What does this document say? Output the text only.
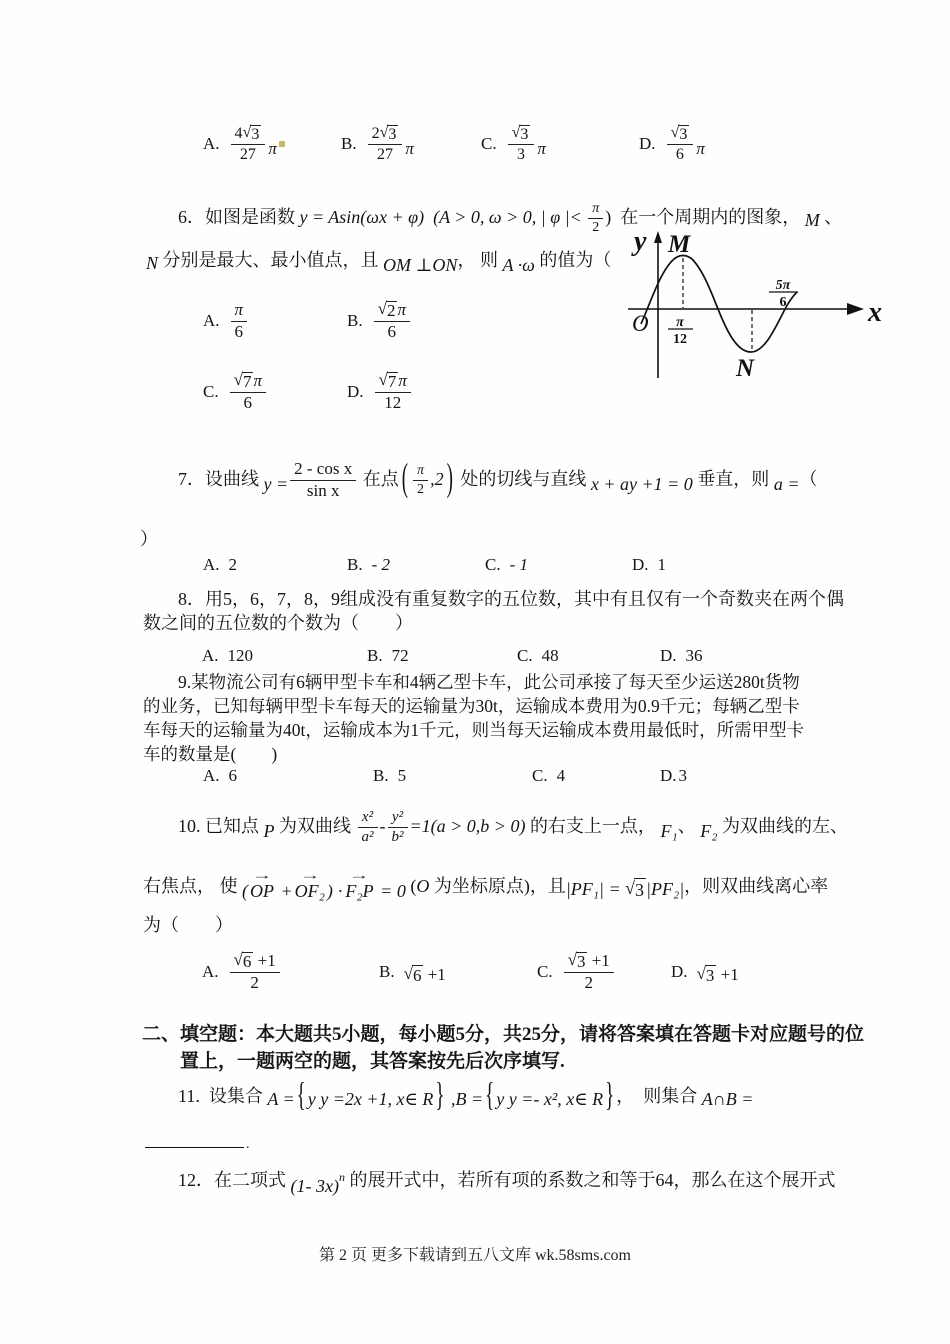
A. $\frac{4 √ 3}{27}$ π	B. $\frac{2 √ 3}{27}$ π	C. √ $\frac{3}{3}$ π	D. √ $\frac{3}{6}$ π
6．如图是函数 y = Asin(ωx + φ)  (A > 0, ω > 0, | φ |< $\frac{\pi}{2}$ )  在一个周期内的图象， M 、
N 分别是最大、最小值点，且 OM ⊥ON ， 则 A ·ω 的值为（
M
N
O
y
x
π
12
5π
6
A. $\frac{\pi}{6}$	B. √ $\frac{2 \pi}{6}$
C. √ $\frac{7 \pi}{6}$	D. √ $\frac{7 \pi}{12}$
7．设曲线 $y = \frac{\text{2 - cos x}}{\text{sin x}}$ 在点 ( $\frac{\pi}{2} ,2$ ) 处的切线与直线 x + ay +1 = 0 垂直，则 a = （
）
A. 2	B. - 2	C. - 1	D. 1
8．用5，6，7，8，9组成没有重复数字的五位数，其中有且仅有一个奇数夹在两个偶
数之间的五位数的个数为（　　）
A. 120	B. 72	C. 48	D. 36
9.某物流公司有6辆甲型卡车和4辆乙型卡车，此公司承接了每天至少运送280t货物
的业务，已知每辆甲型卡车每天的运输量为30t，运输成本费用为0.9千元；每辆乙型卡
车每天的运输量为40t，运输成本为1千元，则当每天运输成本费用最低时，所需甲型卡
车的数量是(　　)
A. 6	B. 5	C. 4	D. 3
10. 已知点 P 为双曲线 $\frac{\text{x²}}{\text{a²}} - \frac{\text{y²}}{\text{b²}} =1$ (a > 0,b > 0) 的右支上一点， F₁ 、 F₂ 为双曲线的左、
右焦点， 使 (
→
OP +
→
OF₂ ) ·
→
F₂P = 0 ( O 为坐标原点)，且 |PF₁| = √ 3 |PF₂| ，则双曲线离心率
为（　　）
A. √ $\frac{6 +1}{2}$	B. √ 6 +1	C. √ $\frac{3 +1}{2}$	D. √ 3 +1
二、填空题：本大题共5小题，每小题5分，共25分，请将答案填在答题卡对应题号的位
置上，一题两空的题，其答案按先后次序填写.
11.  设集合 A = { y y =2x +1, x∈ R } , B = { y y =- x², x∈ R } ，  则集合 A∩B =
.
12．在二项式 (1- 3x)$^n$ 的展开式中，若所有项的系数之和等于64，那么在这个展开式
第 2 页 更多下载请到五八文库 wk.58sms.com
